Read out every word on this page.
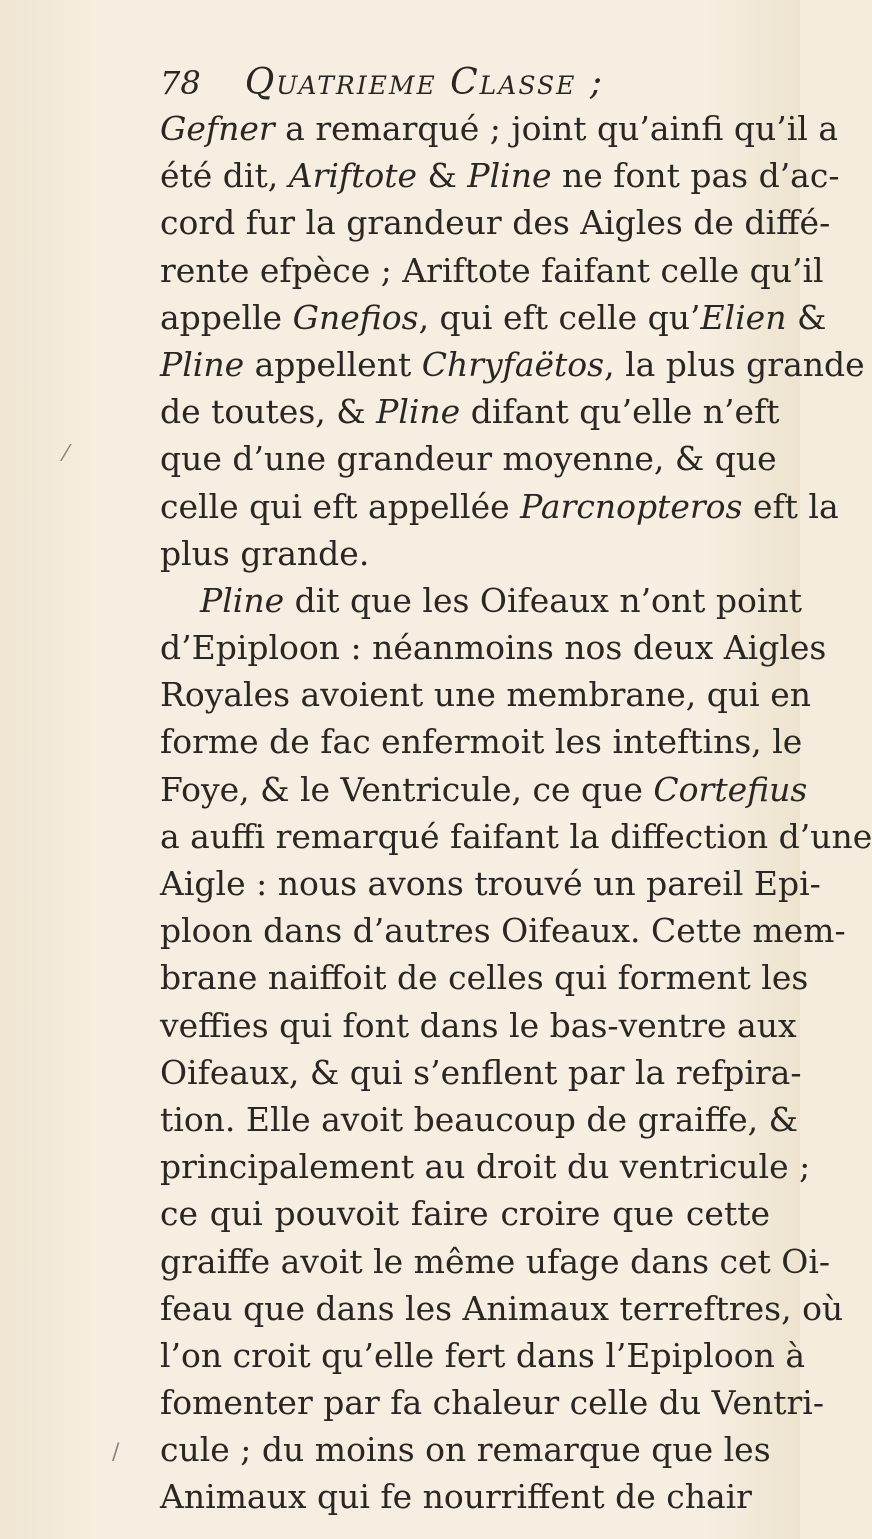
78 Quatrieme Classe ;
Gefner a remarqué ; joint qu’ainfi qu’il a
été dit, Ariftote & Pline ne font pas d’ac-
cord fur la grandeur des Aigles de diffé-
rente efpèce ; Ariftote faifant celle qu’il
appelle Gnefios, qui eft celle qu’Elien &
Pline appellent Chryfaëtos, la plus grande
de toutes, & Pline difant qu’elle n’eft
que d’une grandeur moyenne, & que
celle qui eft appellée Parcnopteros eft la
plus grande.
Pline dit que les Oifeaux n’ont point
d’Epiploon : néanmoins nos deux Aigles
Royales avoient une membrane, qui en
forme de fac enfermoit les inteftins, le
Foye, & le Ventricule, ce que Cortefius
a auffi remarqué faifant la diffection d’une
Aigle : nous avons trouvé un pareil Epi-
ploon dans d’autres Oifeaux. Cette mem-
brane naiffoit de celles qui forment les
veffies qui font dans le bas-ventre aux
Oifeaux, & qui s’enflent par la refpira-
tion. Elle avoit beaucoup de graiffe, &
principalement au droit du ventricule ;
ce qui pouvoit faire croire que cette
graiffe avoit le même ufage dans cet Oi-
feau que dans les Animaux terreftres, où
l’on croit qu’elle fert dans l’Epiploon à
fomenter par fa chaleur celle du Ventri-
cule ; du moins on remarque que les
Animaux qui fe nourriffent de chair
⁄
/
